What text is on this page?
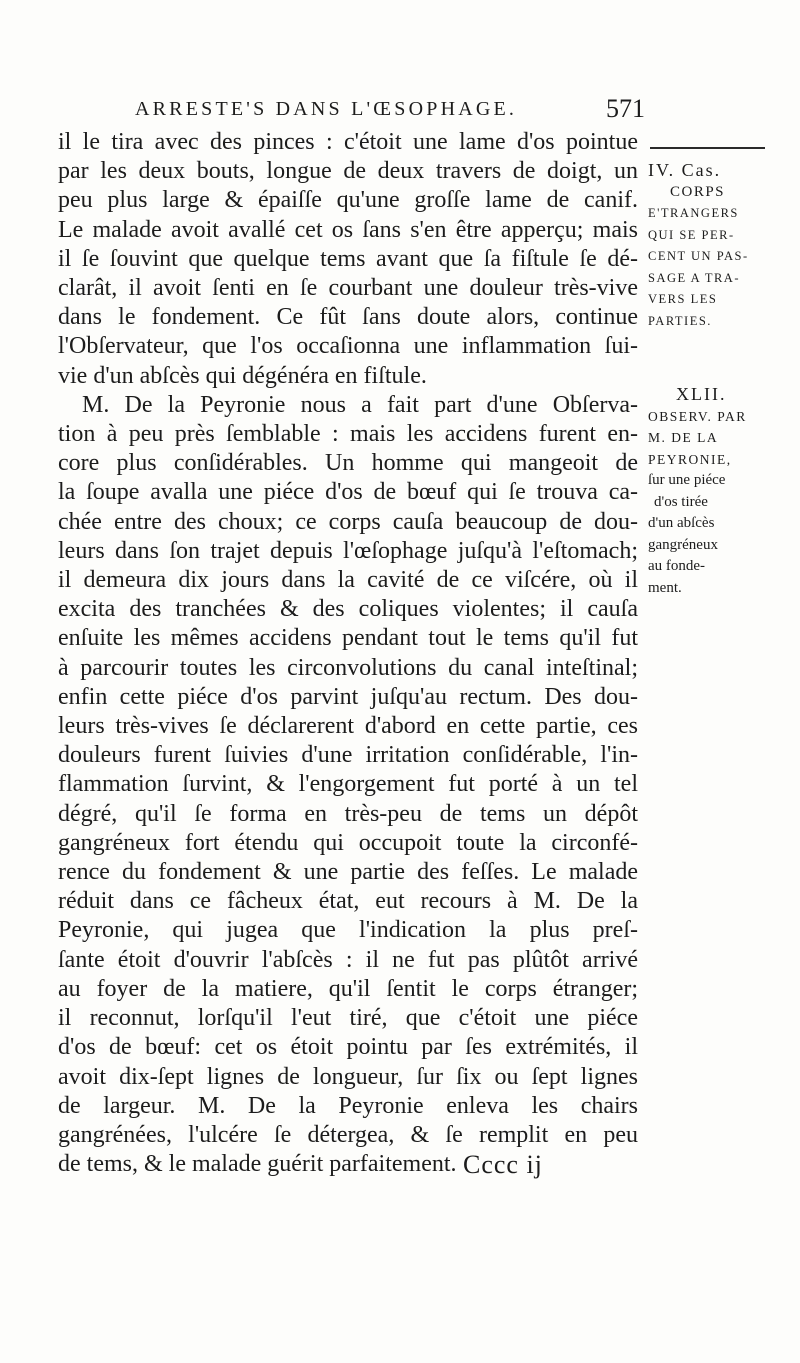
ARRESTE'S DANS L'ŒSOPHAGE.	571
il le tira avec des pinces : c'étoit une lame d'os pointue
par les deux bouts, longue de deux travers de doigt, un
peu plus large & épaiſſe qu'une groſſe lame de canif.
Le malade avoit avallé cet os ſans s'en être apperçu; mais
il ſe ſouvint que quelque tems avant que ſa fiſtule ſe dé-
clarât, il avoit ſenti en ſe courbant une douleur très-vive
dans le fondement. Ce fût ſans doute alors, continue
l'Obſervateur, que l'os occaſionna une inflammation ſui-
vie d'un abſcès qui dégénéra en fiſtule.
M. De la Peyronie nous a fait part d'une Obſerva-
tion à peu près ſemblable : mais les accidens furent en-
core plus conſidérables. Un homme qui mangeoit de
la ſoupe avalla une piéce d'os de bœuf qui ſe trouva ca-
chée entre des choux; ce corps cauſa beaucoup de dou-
leurs dans ſon trajet depuis l'œſophage juſqu'à l'eſtomach;
il demeura dix jours dans la cavité de ce viſcére, où il
excita des tranchées & des coliques violentes; il cauſa
enſuite les mêmes accidens pendant tout le tems qu'il fut
à parcourir toutes les circonvolutions du canal inteſtinal;
enfin cette piéce d'os parvint juſqu'au rectum. Des dou-
leurs très-vives ſe déclarerent d'abord en cette partie, ces
douleurs furent ſuivies d'une irritation conſidérable, l'in-
flammation ſurvint, & l'engorgement fut porté à un tel
dégré, qu'il ſe forma en très-peu de tems un dépôt
gangréneux fort étendu qui occupoit toute la circonfé-
rence du fondement & une partie des feſſes. Le malade
réduit dans ce fâcheux état, eut recours à M. De la
Peyronie, qui jugea que l'indication la plus preſ-
ſante étoit d'ouvrir l'abſcès : il ne fut pas plûtôt arrivé
au foyer de la matiere, qu'il ſentit le corps étranger;
il reconnut, lorſqu'il l'eut tiré, que c'étoit une piéce
d'os de bœuf: cet os étoit pointu par ſes extrémités, il
avoit dix-ſept lignes de longueur, ſur ſix ou ſept lignes
de largeur. M. De la Peyronie enleva les chairs
gangrénées, l'ulcére ſe détergea, & ſe remplit en peu
de tems, & le malade guérit parfaitement.
IV. Cas.
CORPS
E'TRANGERS
QUI SE PER-
CENT UN PAS-
SAGE A TRA-
VERS LES
PARTIES.
XLII.
OBSERV. PAR
M. DE LA
PEYRONIE,
ſur une piéce
d'os tirée
d'un abſcès
gangréneux
au fonde-
ment.
Cccc ij
